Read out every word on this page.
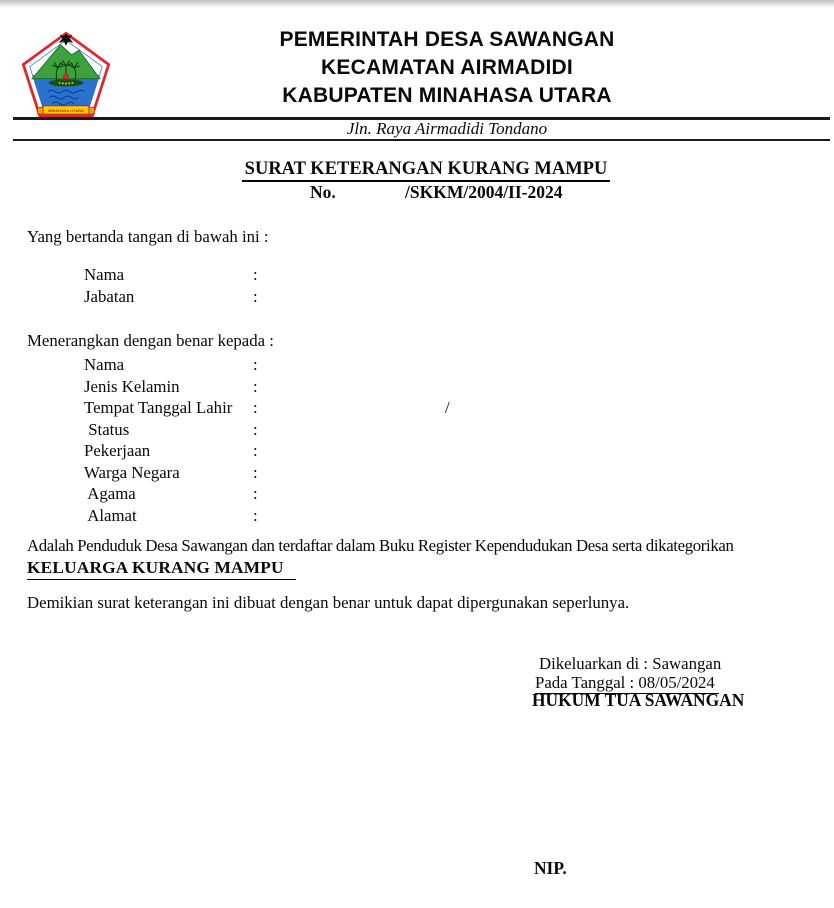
MINAHASA UTARA
PEMERINTAH DESA SAWANGAN
KECAMATAN AIRMADIDI
KABUPATEN MINAHASA UTARA
Jln. Raya Airmadidi Tondano
SURAT KETERANGAN KURANG MAMPU
No.	/SKKM/2004/II-2024
Yang bertanda tangan di bawah ini :
Nama	:
Jabatan	:
Menerangkan dengan benar kepada :
Nama	:
Jenis Kelamin	:
Tempat Tanggal Lahir :	/
Status	:
Pekerjaan	:
Warga Negara	:
Agama	:
Alamat	:
Adalah Penduduk Desa Sawangan dan terdaftar dalam Buku Register Kependudukan Desa serta dikategorikan
KELUARGA KURANG MAMPU
Demikian surat keterangan ini dibuat dengan benar untuk dapat dipergunakan seperlunya.
Dikeluarkan di : Sawangan
Pada Tanggal : 08/05/2024
HUKUM TUA SAWANGAN
NIP.
